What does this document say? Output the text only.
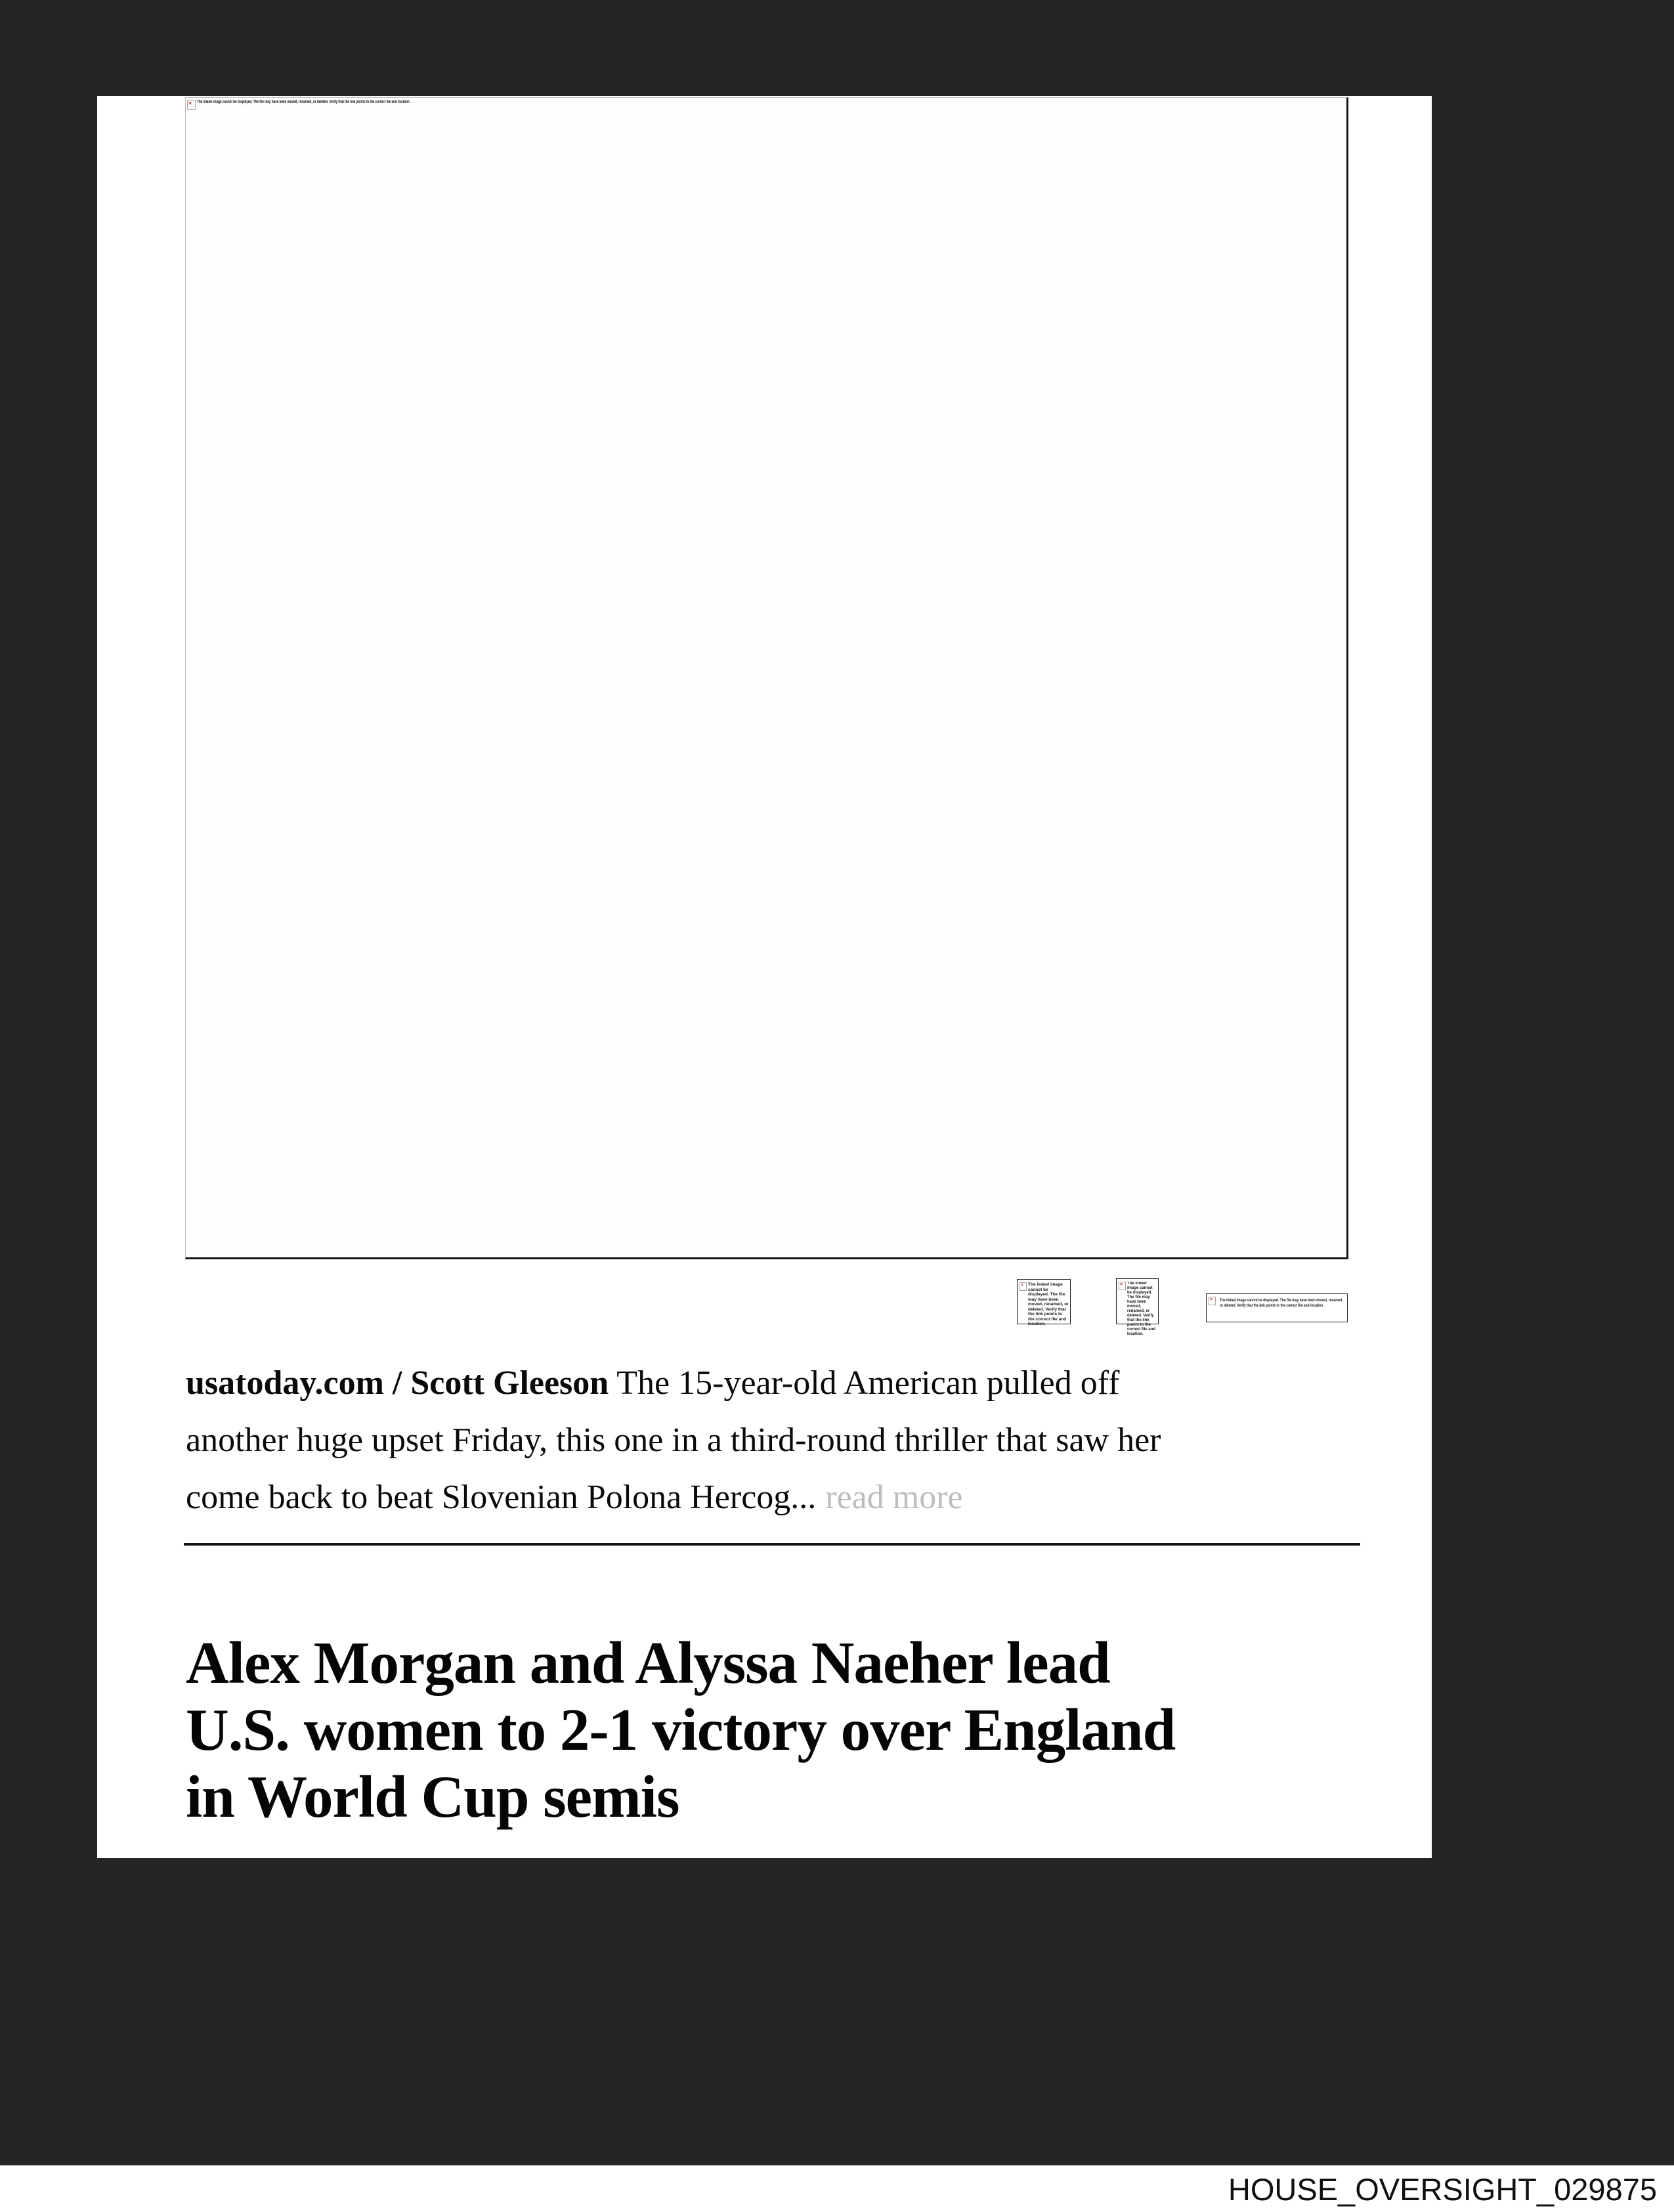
×
The linked image cannot be displayed. The file may have been moved, renamed, or deleted. Verify that the link points to the correct file and location.
×
The linked image cannot be displayed. The file may have been moved, renamed, or deleted. Verify that the link points to the correct file and location.
×
The linked image cannot be displayed. The file may have been moved, renamed, or deleted. Verify that the link points to the correct file and location.
×
The linked image cannot be displayed. The file may have been moved, renamed, or deleted. Verify that the link points to the correct file and location.
usatoday.com / Scott Gleeson The 15-year-old American pulled off
another huge upset Friday, this one in a third-round thriller that saw her
come back to beat Slovenian Polona Hercog... read more
Alex Morgan and Alyssa Naeher lead
U.S. women to 2-1 victory over England
in World Cup semis
HOUSE_OVERSIGHT_029875
